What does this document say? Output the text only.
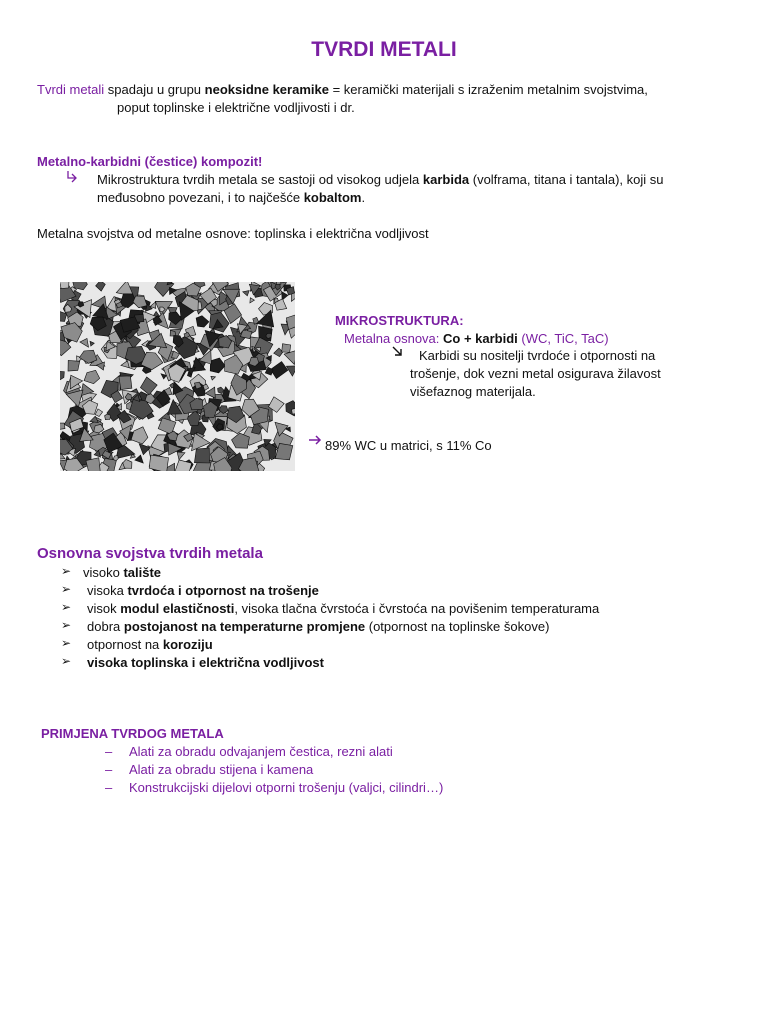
TVRDI METALI
Tvrdi metali spadaju u grupu neoksidne keramike = keramički materijali s izraženim metalnim svojstvima,
poput toplinske i električne vodljivosti i dr.
Metalno-karbidni (čestice) kompozit!
Mikrostruktura tvrdih metala se sastoji od visokog udjela karbida (volframa, titana i tantala), koji su
međusobno povezani, i to najčešće kobaltom.
Metalna svojstva od metalne osnove: toplinska i električna vodljivost
MIKROSTRUKTURA:
Metalna osnova: Co + karbidi (WC, TiC, TaC)
Karbidi su nositelji tvrdoće i otpornosti na
trošenje, dok vezni metal osigurava žilavost
višefaznog materijala.
89% WC u matrici, s 11% Co
Osnovna svojstva tvrdih metala
➢ visoko talište
➢ visoka tvrdoća i otpornost na trošenje
➢ visok modul elastičnosti, visoka tlačna čvrstoća i čvrstoća na povišenim temperaturama
➢ dobra postojanost na temperaturne promjene (otpornost na toplinske šokove)
➢ otpornost na koroziju
➢ visoka toplinska i električna vodljivost
PRIMJENA TVRDOG METALA
– Alati za obradu odvajanjem čestica, rezni alati
– Alati za obradu stijena i kamena
– Konstrukcijski dijelovi otporni trošenju (valjci, cilindri…)
